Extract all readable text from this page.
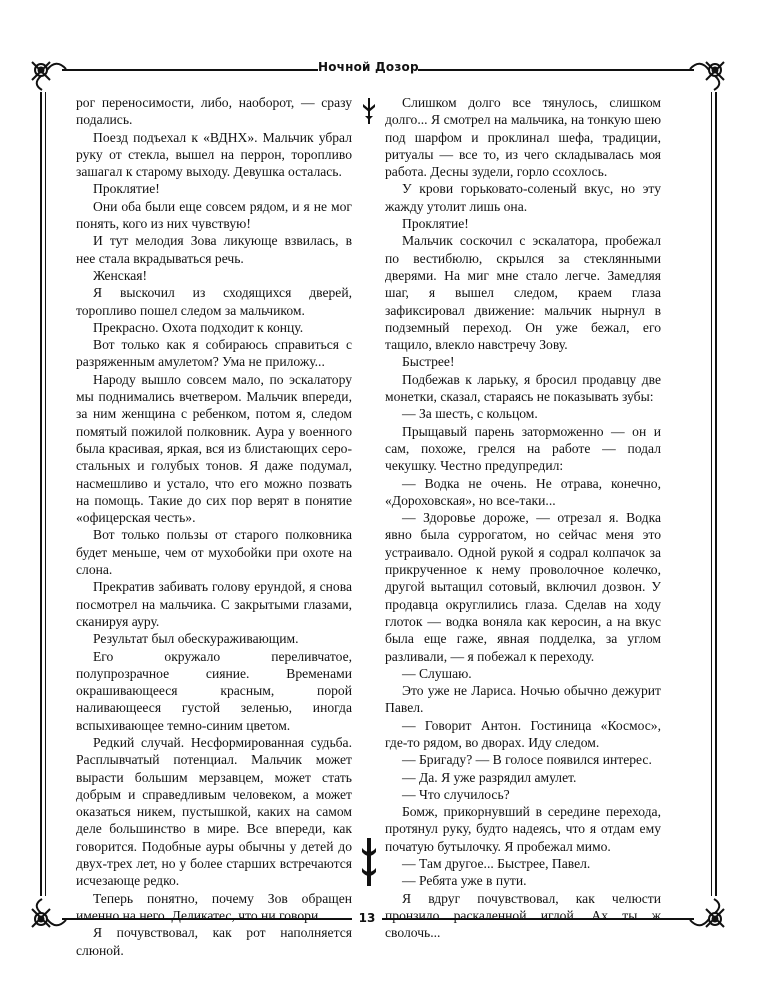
Ночной Дозор
13

рог переносимости, либо, наоборот, — сразу подались.

Поезд подъехал к «ВДНХ». Мальчик убрал руку от стекла, вышел на перрон, торопливо зашагал к старому выходу. Девушка осталась.

Проклятие!

Они оба были еще совсем рядом, и я не мог понять, кого из них чувствую!

И тут мелодия Зова ликующе взвилась, в нее стала вкрадываться речь.

Женская!

Я выскочил из сходящихся дверей, торопливо пошел следом за мальчиком.

Прекрасно. Охота подходит к концу.

Вот только как я собираюсь справиться с разряженным амулетом? Ума не приложу...

Народу вышло совсем мало, по эскалатору мы поднимались вчетвером. Мальчик впереди, за ним женщина с ребенком, потом я, следом помятый пожилой полковник. Аура у военного была красивая, яркая, вся из блистающих серо-стальных и голубых тонов. Я даже подумал, насмешливо и устало, что его можно позвать на помощь. Такие до сих пор верят в понятие «офицерская честь».

Вот только пользы от старого полковника будет меньше, чем от мухобойки при охоте на слона.

Прекратив забивать голову ерундой, я снова посмотрел на мальчика. С закрытыми глазами, сканируя ауру.

Результат был обескураживающим.

Его окружало переливчатое, полупрозрачное сияние. Временами окрашивающееся красным, порой наливающееся густой зеленью, иногда вспыхивающее темно-синим цветом.

Редкий случай. Несформированная судьба. Расплывчатый потенциал. Мальчик может вырасти большим мерзавцем, может стать добрым и справедливым человеком, а может оказаться никем, пустышкой, каких на самом деле большинство в мире. Все впереди, как говорится. Подобные ауры обычны у детей до двух-трех лет, но у более старших встречаются исчезающе редко.

Теперь понятно, почему Зов обращен именно на него. Деликатес, что ни говори.

Я почувствовал, как рот наполняется слюной.

Слишком долго все тянулось, слишком долго... Я смотрел на мальчика, на тонкую шею под шарфом и проклинал шефа, традиции, ритуалы — все то, из чего складывалась моя работа. Десны зудели, горло ссохлось.

У крови горьковато-соленый вкус, но эту жажду утолит лишь она.

Проклятие!

Мальчик соскочил с эскалатора, пробежал по вестибюлю, скрылся за стеклянными дверями. На миг мне стало легче. Замедляя шаг, я вышел следом, краем глаза зафиксировал движение: мальчик нырнул в подземный переход. Он уже бежал, его тащило, влекло навстречу Зову.

Быстрее!

Подбежав к ларьку, я бросил продавцу две монетки, сказал, стараясь не показывать зубы:

— За шесть, с кольцом.

Прыщавый парень заторможенно — он и сам, похоже, грелся на работе — подал чекушку. Честно предупредил:

— Водка не очень. Не отрава, конечно, «Дороховская», но все-таки...

— Здоровье дороже, — отрезал я. Водка явно была суррогатом, но сейчас меня это устраивало. Одной рукой я содрал колпачок за прикрученное к нему проволочное колечко, другой вытащил сотовый, включил дозвон. У продавца округлились глаза. Сделав на ходу глоток — водка воняла как керосин, а на вкус была еще гаже, явная подделка, за углом разливали, — я побежал к переходу.

— Слушаю.

Это уже не Лариса. Ночью обычно дежурит Павел.

— Говорит Антон. Гостиница «Космос», где-то рядом, во дворах. Иду следом.

— Бригаду? — В голосе появился интерес.

— Да. Я уже разрядил амулет.

— Что случилось?

Бомж, прикорнувший в середине перехода, протянул руку, будто надеясь, что я отдам ему початую бутылочку. Я пробежал мимо.

— Там другое... Быстрее, Павел.

— Ребята уже в пути.

Я вдруг почувствовал, как челюсти пронзило раскаленной иглой. Ах ты ж сволочь...
